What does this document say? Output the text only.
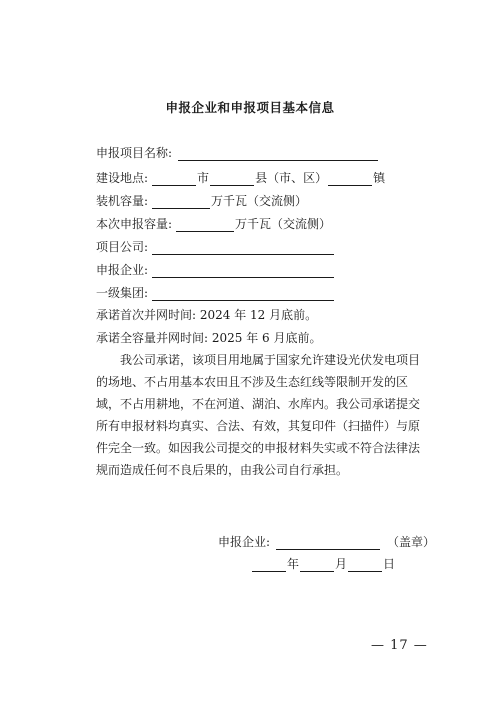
申报企业和申报项目基本信息
申报项目名称:
建设地点:	市	县（市、区）	镇
装机容量:	万千瓦（交流侧）
本次申报容量:	万千瓦（交流侧）
项目公司:
申报企业:
一级集团:
承诺首次并网时间: 2024 年 12 月底前。
承诺全容量并网时间: 2025 年 6 月底前。
我公司承诺，该项目用地属于国家允许建设光伏发电项目的场地、不占用基本农田且不涉及生态红线等限制开发的区域，不占用耕地，不在河道、湖泊、水库内。我公司承诺提交所有申报材料均真实、合法、有效，其复印件（扫描件）与原件完全一致。如因我公司提交的申报材料失实或不符合法律法规而造成任何不良后果的，由我公司自行承担。
申报企业:	（盖章）
年	月	日
— 17 —
